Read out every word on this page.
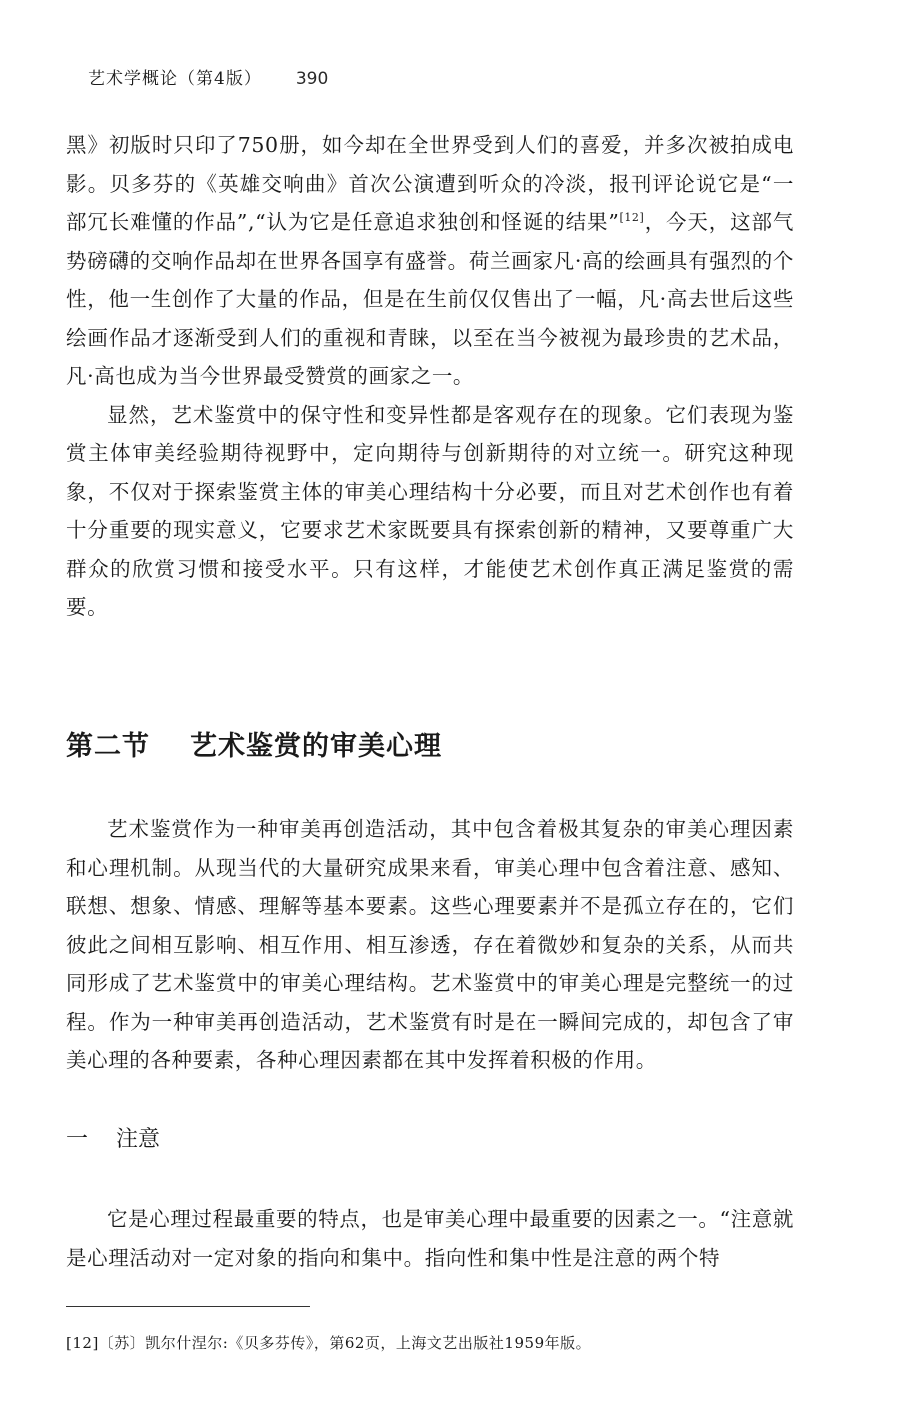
艺术学概论（第4版） 390

黑》初版时只印了750册，如今却在全世界受到人们的喜爱，并多次被拍成电影。贝多芬的《英雄交响曲》首次公演遭到听众的冷淡，报刊评论说它是“一部冗长难懂的作品”,“认为它是任意追求独创和怪诞的结果”[12]，今天，这部气势磅礴的交响作品却在世界各国享有盛誉。荷兰画家凡·高的绘画具有强烈的个性，他一生创作了大量的作品，但是在生前仅仅售出了一幅，凡·高去世后这些绘画作品才逐渐受到人们的重视和青睐，以至在当今被视为最珍贵的艺术品，凡·高也成为当今世界最受赞赏的画家之一。

显然，艺术鉴赏中的保守性和变异性都是客观存在的现象。它们表现为鉴赏主体审美经验期待视野中，定向期待与创新期待的对立统一。研究这种现象，不仅对于探索鉴赏主体的审美心理结构十分必要，而且对艺术创作也有着十分重要的现实意义，它要求艺术家既要具有探索创新的精神，又要尊重广大群众的欣赏习惯和接受水平。只有这样，才能使艺术创作真正满足鉴赏的需要。

第二节 艺术鉴赏的审美心理

艺术鉴赏作为一种审美再创造活动，其中包含着极其复杂的审美心理因素和心理机制。从现当代的大量研究成果来看，审美心理中包含着注意、感知、联想、想象、情感、理解等基本要素。这些心理要素并不是孤立存在的，它们彼此之间相互影响、相互作用、相互渗透，存在着微妙和复杂的关系，从而共同形成了艺术鉴赏中的审美心理结构。艺术鉴赏中的审美心理是完整统一的过程。作为一种审美再创造活动，艺术鉴赏有时是在一瞬间完成的，却包含了审美心理的各种要素，各种心理因素都在其中发挥着积极的作用。

一 注意

它是心理过程最重要的特点，也是审美心理中最重要的因素之一。“注意就是心理活动对一定对象的指向和集中。指向性和集中性是注意的两个特

[12]〔苏〕凯尔什涅尔:《贝多芬传》，第62页，上海文艺出版社1959年版。
